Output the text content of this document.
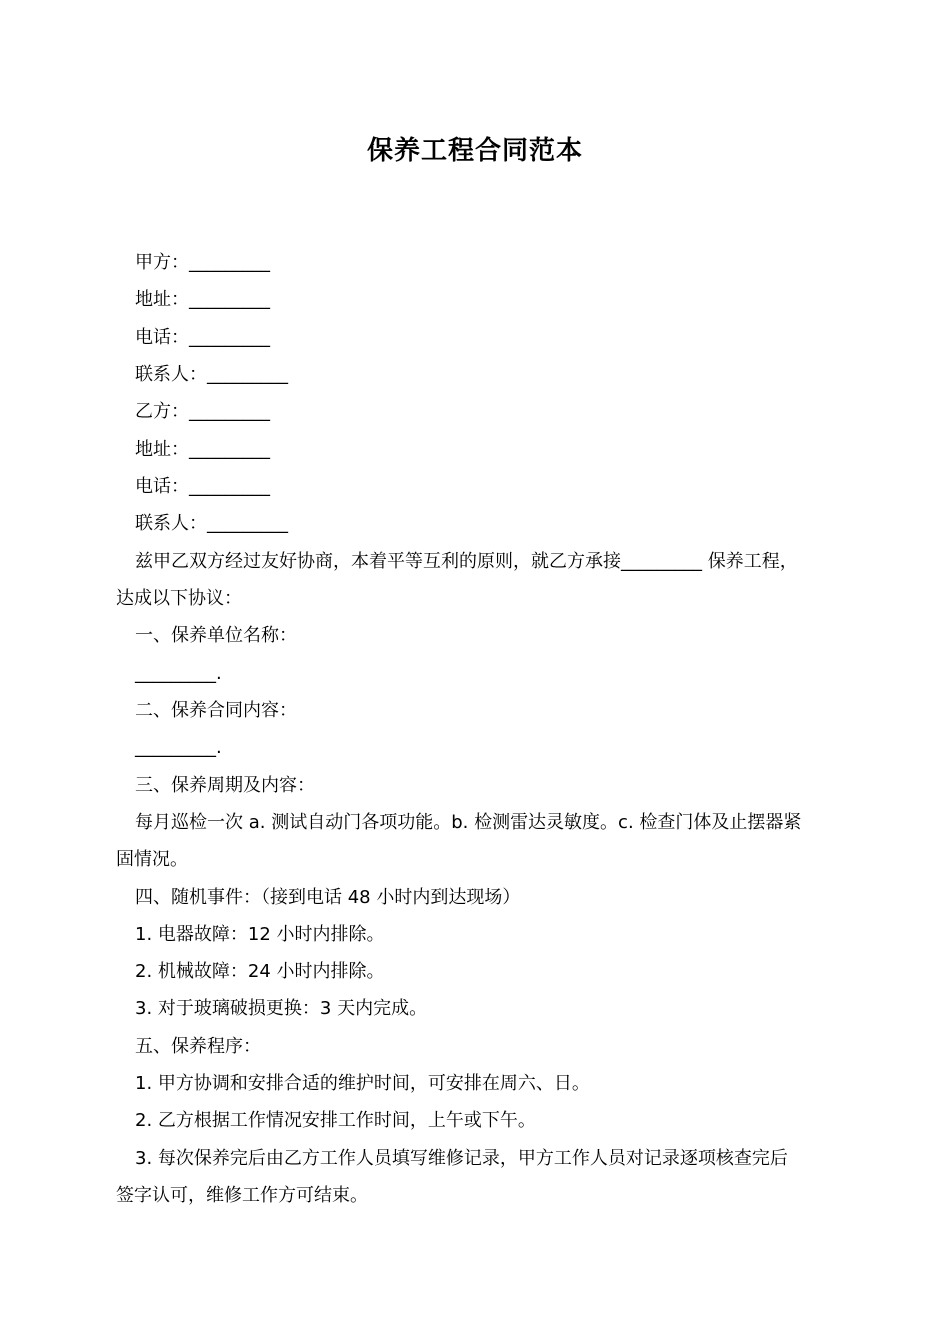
保养工程合同范本
甲方：_________
地址：_________
电话：_________
联系人：_________
乙方：_________
地址：_________
电话：_________
联系人：_________
兹甲乙双方经过友好协商，本着平等互利的原则，就乙方承接_________ 保养工程，
达成以下协议：
一、保养单位名称：
_________.
二、保养合同内容：
_________.
三、保养周期及内容：
每月巡检一次 a. 测试自动门各项功能。b. 检测雷达灵敏度。c. 检查门体及止摆器紧
固情况。
四、随机事件：（接到电话 48 小时内到达现场）
1. 电器故障：12 小时内排除。
2. 机械故障：24 小时内排除。
3. 对于玻璃破损更换：3 天内完成。
五、保养程序：
1. 甲方协调和安排合适的维护时间，可安排在周六、日。
2. 乙方根据工作情况安排工作时间，上午或下午。
3. 每次保养完后由乙方工作人员填写维修记录，甲方工作人员对记录逐项核查完后
签字认可，维修工作方可结束。
